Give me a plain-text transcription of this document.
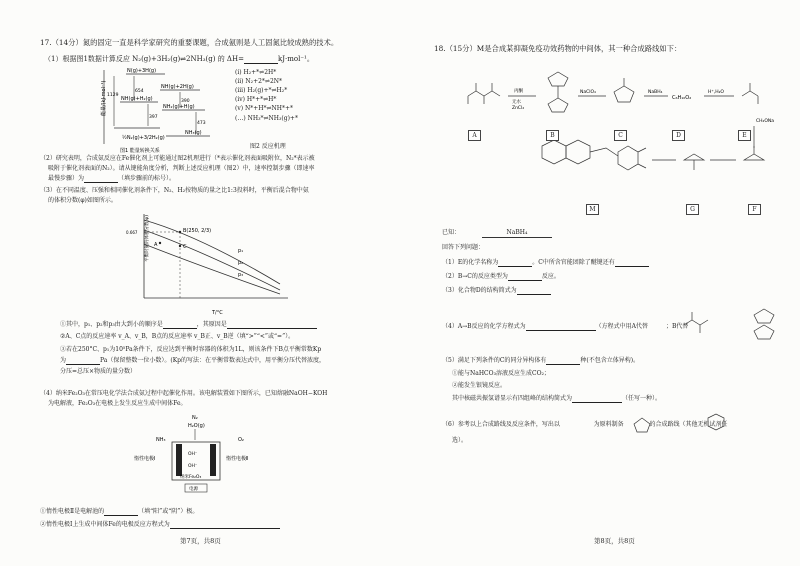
17.（14分）氮的固定一直是科学家研究的重要课题，合成氨则是人工固氮比较成熟的技术。
（1）根据图1数据计算反应 N₂(g)+3H₂(g)⇌2NH₃(g) 的 ΔH=	kJ·mol⁻¹。
能量/(kJ·mol⁻¹)
N(g)+3H(g)
NH(g)+2H(g)
NH(g)+H₂(g)
NH₂(g)+H(g)
NH₃(g)
½N₂(g)+3/2H₂(g)
1129
654
397
390
473
图1 能量转换关系
(i) H₂+*⇌2H*
(ii) N₂+2*⇌2N*
(iii) H₂(g)+*⇌H₂*
(iv) H*+*⇌H*
(v) N*+H*⇌NH*+*
(…) NH₃*⇌NH₃(g)+*
图2 反应机理
（2）研究表明，合成氨反应在Fe催化剂上可能通过图2机理进行（*表示催化剂表面吸附位，N₂*表示被
吸附于催化剂表面的N₂）。请从键能角度分析，判断上述反应机理（图2）中，速率控制步骤（即速率
最慢步骤）为	（填步骤前的标号）。
（3）在不同温度、压强和相同催化剂条件下，N₂、H₂按物质的量之比1:3投料时，平衡后混合物中氨
的体积分数(φ)如图所示。
平衡时氨的体积分数(φ)
T/°C
p₁
p₂
p₃
A
B(250, 2/3)
C
0.667
①其中，p₁、p₂和p₃由大到小的顺序是	，其原因是
②A、C点的反应速率 v_A、v_B，B点的反应速率 v_B正、v_B逆（填“>”“<”或“=”）。
③若在250°C、p₁为10⁵Pa条件下，反应达到平衡时容器的体积为1L，则该条件下B点平衡常数Kp
为	Pa（保留整数一位小数）。(Kp的写法：在平衡常数表达式中，用平衡分压代替浓度，
分压=总压×物质的量分数）
（4）纳米Fe₂O₃在常压电化学法合成氨过程中起催化作用。该电解装置如下图所示，已知熔融NaOH−KOH
为电解液，Fe₂O₃在电极上发生反应生成中间体Fe。
N₂
H₂O(g)
NH₃	O₂
OH⁻
OH⁻
惰性电极Ⅰ	惰性电极Ⅱ
纳米Fe₂O₃
电源
①惰性电极Ⅱ是电解池的	（填“阳”或“阴”）极。
②惰性电极Ⅰ上生成中间体Fe的电极反应方程式为
第7页，共8页
18.（15分）M是合成某抑凝免疫功效药物的中间体，其一种合成路线如下：
丙酮
无水
ZnCl₂
NaClO₄	NaBH₄
C₆H₁₀O₂
H⁺,H₂O
CH₂ONa
A	B	C	D	E
F
G
M
已知：	NaBH₄
回答下列问题：
（1）E的化学名称为	。C中所含官能团除了醚键还有
（2）B→C的反应类型为	反应。
（3）化合物D的结构简式为
（4）A→B反应的化学方程式为	（方程式中用A代替	；B代替
（5）满足下列条件的C的同分异构体有	种(不包含立体异构)。
①能与NaHCO₃溶液反应生成CO₂；
②能发生银镜反应。
其中核磁共振氢谱显示有四组峰的结构简式为	（任写一种）。
（6）参考以上合成路线及反应条件，写出以	为原料制备	的合成路线（其他无机试剂任
选）。
第8页，共8页
